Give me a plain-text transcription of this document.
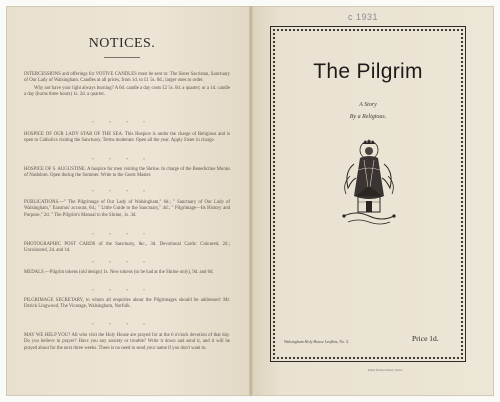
NOTICES.
INTERCESSIONS and offerings for VOTIVE CANDLES must be sent to: The Sister Sacristan, Sanctuary of Our Lady of Walsingham. Candles at all prices, from 1d. to £1 5s. 0d.; larger ones to order.
Why not have your light always burning? A 6d. candle a day costs £2 5s. 0d. a quarter; or a 1d. candle a day (burns three hours) 1s. 2d. a quarter.
* * * *
HOSPICE OF OUR LADY STAR OF THE SEA. This Hospice is under the charge of Religious and is open to Catholics visiting the Sanctuary. Terms moderate. Open all the year. Apply Sister in charge.
* * * *
HOSPICE OF S. AUGUSTINE. A hospice for men visiting the Shrine. In charge of the Benedictine Monks of Nashdom. Open during the Summer. Write to the Guest Master.
* * * *
PUBLICATIONS.—" The Pilgrimage of Our Lady of Walsingham," 6d.; " Sanctuary of Our Lady of Walsingham," Erasmus' account, 6d.; " Little Guide to the Sanctuary," 4d.; " Pilgrimage—Its History and Purpose," 2d. " The Pilgrim's Manual to the Shrine, 1s. 3d.
* * * *
PHOTOGRAPHIC POST CARDS of the Sanctuary, &c., 3d. Devotional Cards: Coloured, 2d.; Uncoloured, 2d. and 1d.
* * * *
MEDALS.—Pilgrim tokens (old design) 1s. New tokens (to be had at the Shrine only), 9d. and 6d.
* * * *
PILGRIMAGE SECRETARY, to whom all enquiries about the Pilgrimages should be addressed: Mr. Derick Lingwood, The Vicarage, Walsingham, Norfolk.
* * * *
MAY WE HELP YOU? All who visit the Holy House are prayed for at the 6 o'clock devotion of that day. Do you believe in prayer? Have you any anxiety or trouble? Write it down and send it, and it will be prayed about for the next three weeks. There is no need to send your name if you don't want to.
c 1931
The Pilgrim
A Story
By a Religious.
Walsingham Holy House Leaflets, No. 5.	Price 1d.
Radley Brothers Printers, Walton
